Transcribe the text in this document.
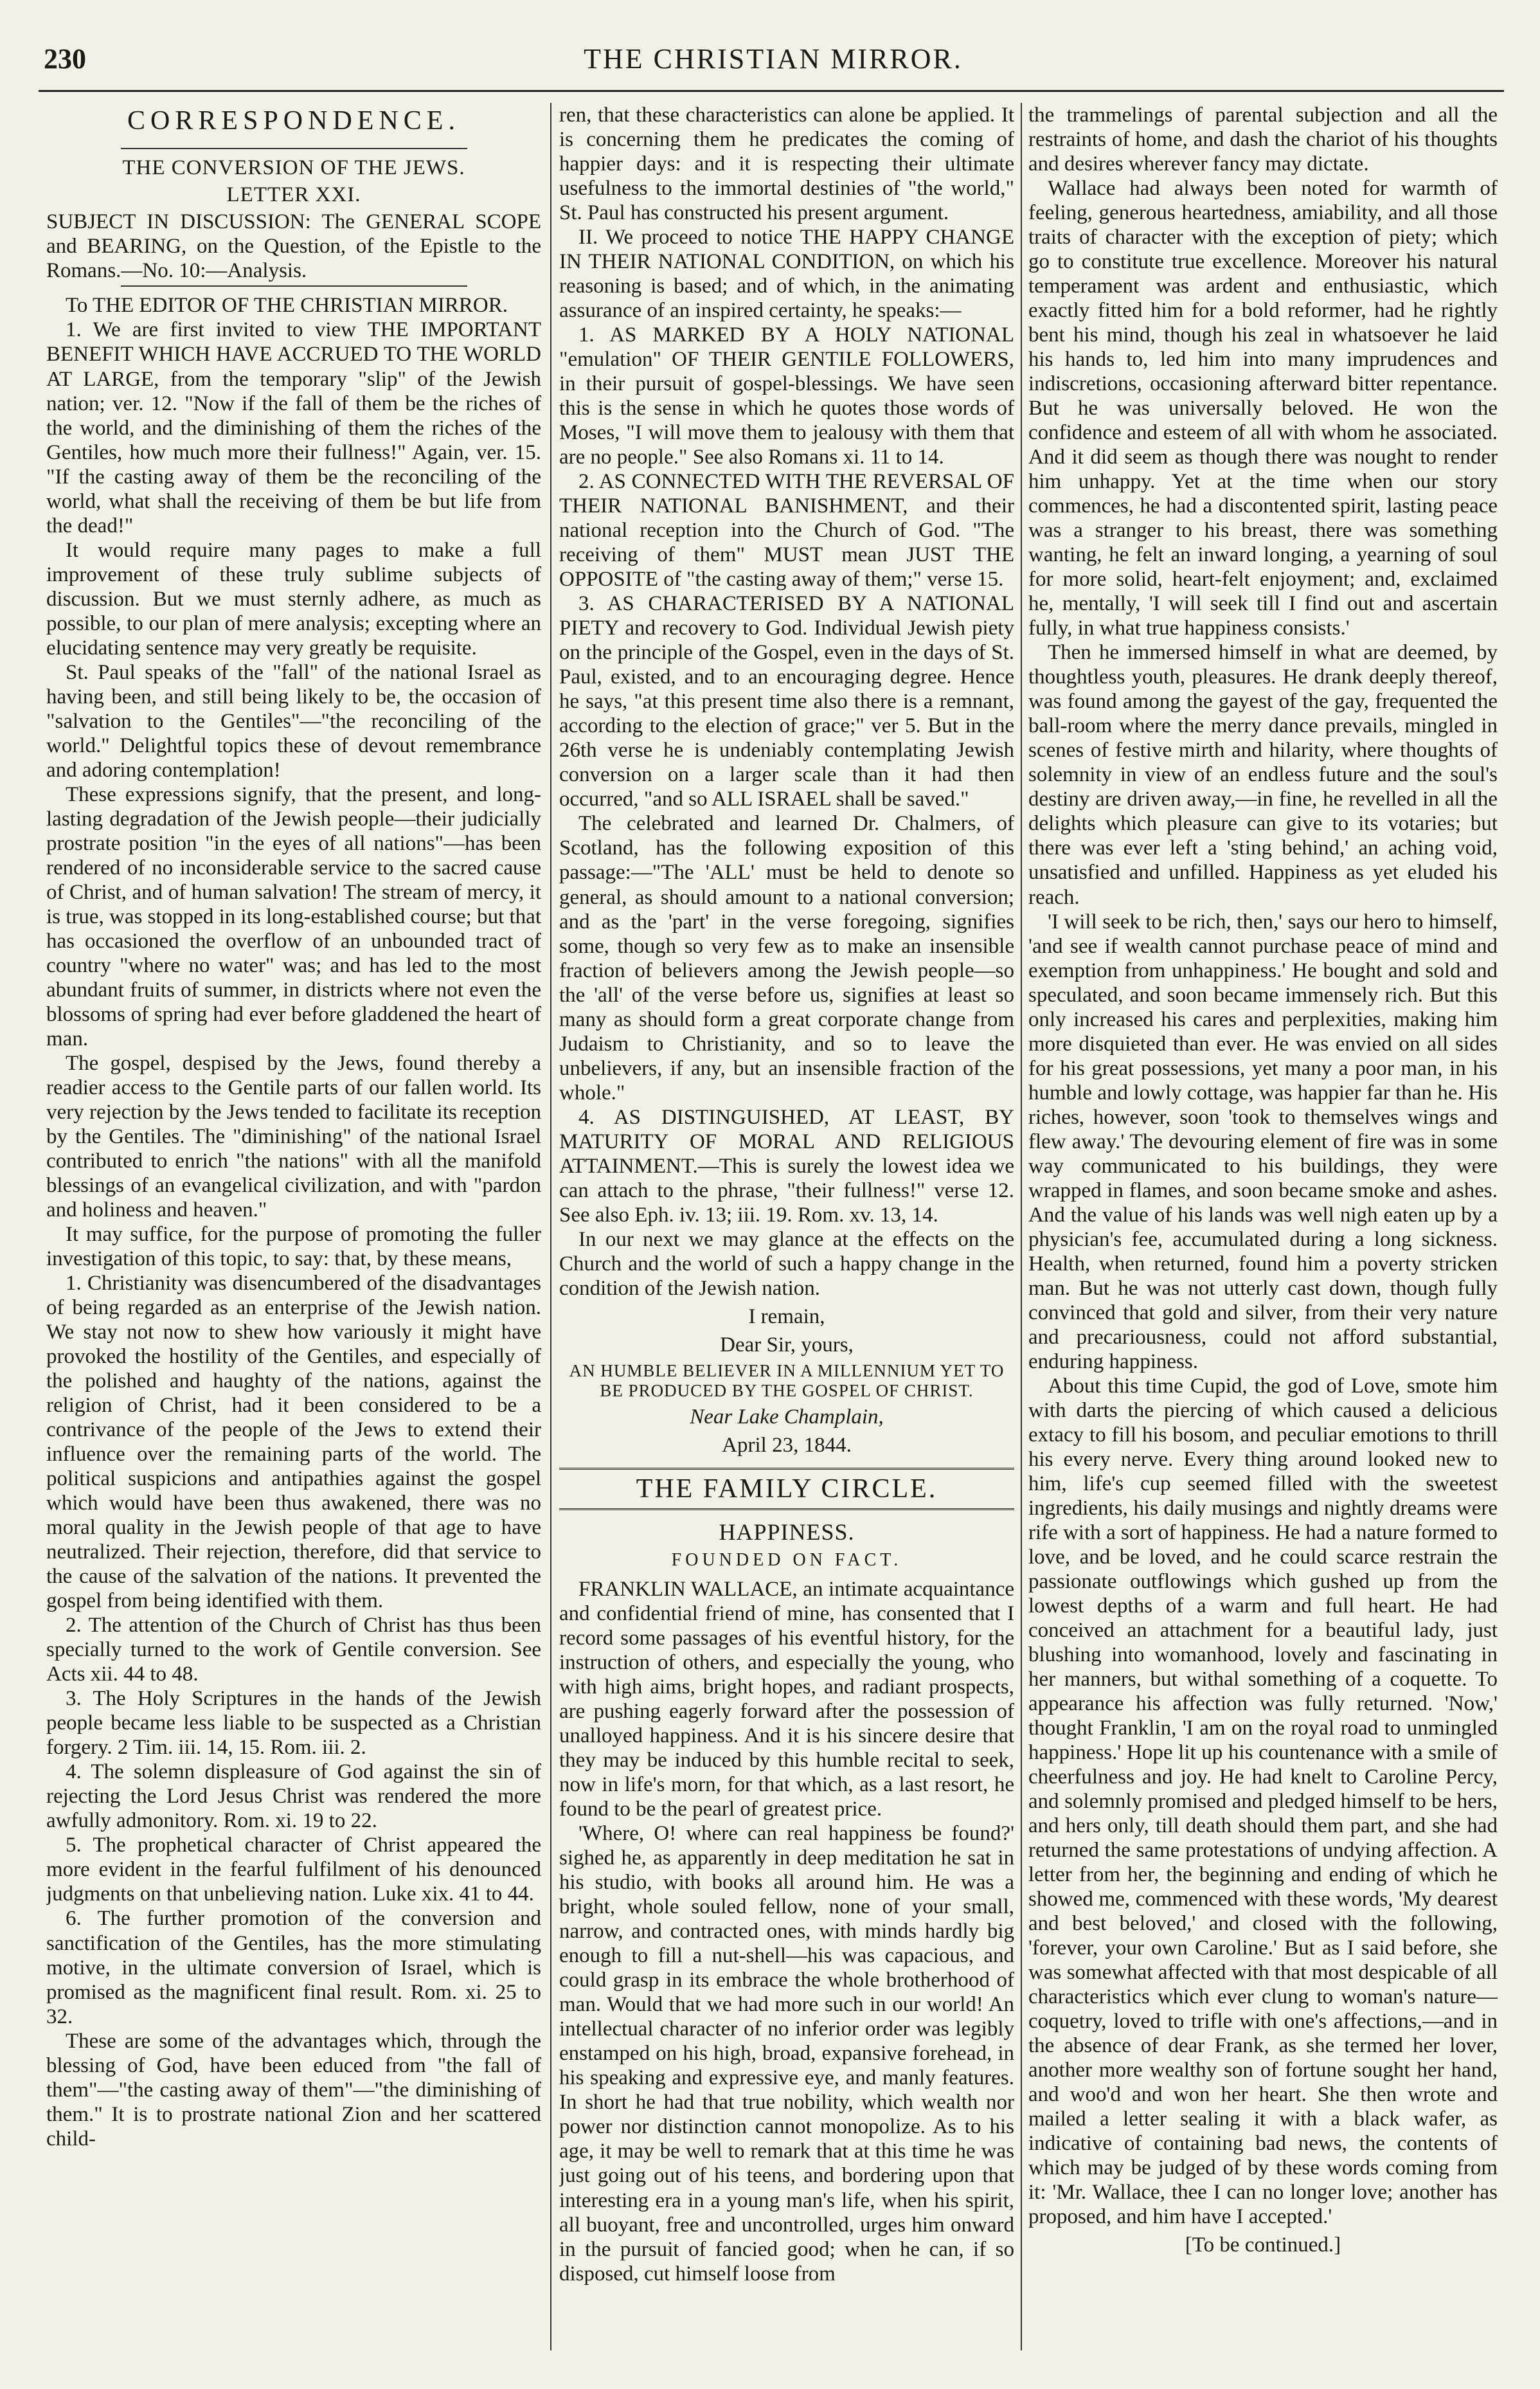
230	THE CHRISTIAN MIRROR.
CORRESPONDENCE.
THE CONVERSION OF THE JEWS.
LETTER XXI.

SUBJECT IN DISCUSSION: The GENERAL SCOPE and BEARING, on the Question, of the Epistle to the Romans.—No. 10:—Analysis.

To THE EDITOR OF THE CHRISTIAN MIRROR.

1. We are first invited to view THE IMPORTANT BENEFIT WHICH HAVE ACCRUED TO THE WORLD AT LARGE, from the temporary "slip" of the Jewish nation; ver. 12. "Now if the fall of them be the riches of the world, and the diminishing of them the riches of the Gentiles, how much more their fullness!" Again, ver. 15. "If the casting away of them be the reconciling of the world, what shall the receiving of them be but life from the dead!"

It would require many pages to make a full improvement of these truly sublime subjects of discussion. But we must sternly adhere, as much as possible, to our plan of mere analysis; excepting where an elucidating sentence may very greatly be requisite.

St. Paul speaks of the "fall" of the national Israel as having been, and still being likely to be, the occasion of "salvation to the Gentiles"—"the reconciling of the world." Delightful topics these of devout remembrance and adoring contemplation!

These expressions signify, that the present, and long-lasting degradation of the Jewish people—their judicially prostrate position "in the eyes of all nations"—has been rendered of no inconsiderable service to the sacred cause of Christ, and of human salvation! The stream of mercy, it is true, was stopped in its long-established course; but that has occasioned the overflow of an unbounded tract of country "where no water" was; and has led to the most abundant fruits of summer, in districts where not even the blossoms of spring had ever before gladdened the heart of man.

The gospel, despised by the Jews, found thereby a readier access to the Gentile parts of our fallen world. Its very rejection by the Jews tended to facilitate its reception by the Gentiles. The "diminishing" of the national Israel contributed to enrich "the nations" with all the manifold blessings of an evangelical civilization, and with "pardon and holiness and heaven."

It may suffice, for the purpose of promoting the fuller investigation of this topic, to say: that, by these means,

1. Christianity was disencumbered of the disadvantages of being regarded as an enterprise of the Jewish nation. We stay not now to shew how variously it might have provoked the hostility of the Gentiles, and especially of the polished and haughty of the nations, against the religion of Christ, had it been considered to be a contrivance of the people of the Jews to extend their influence over the remaining parts of the world. The political suspicions and antipathies against the gospel which would have been thus awakened, there was no moral quality in the Jewish people of that age to have neutralized. Their rejection, therefore, did that service to the cause of the salvation of the nations. It prevented the gospel from being identified with them.

2. The attention of the Church of Christ has thus been specially turned to the work of Gentile conversion. See Acts xii. 44 to 48.

3. The Holy Scriptures in the hands of the Jewish people became less liable to be suspected as a Christian forgery. 2 Tim. iii. 14, 15. Rom. iii. 2.

4. The solemn displeasure of God against the sin of rejecting the Lord Jesus Christ was rendered the more awfully admonitory. Rom. xi. 19 to 22.

5. The prophetical character of Christ appeared the more evident in the fearful fulfilment of his denounced judgments on that unbelieving nation. Luke xix. 41 to 44.

6. The further promotion of the conversion and sanctification of the Gentiles, has the more stimulating motive, in the ultimate conversion of Israel, which is promised as the magnificent final result. Rom. xi. 25 to 32.

These are some of the advantages which, through the blessing of God, have been educed from "the fall of them"—"the casting away of them"—"the diminishing of them." It is to prostrate national Zion and her scattered child-

ren, that these characteristics can alone be applied. It is concerning them he predicates the coming of happier days: and it is respecting their ultimate usefulness to the immortal destinies of "the world," St. Paul has constructed his present argument.

II. We proceed to notice THE HAPPY CHANGE IN THEIR NATIONAL CONDITION, on which his reasoning is based; and of which, in the animating assurance of an inspired certainty, he speaks:—

1. AS MARKED BY A HOLY NATIONAL "emulation" OF THEIR GENTILE FOLLOWERS, in their pursuit of gospel-blessings. We have seen this is the sense in which he quotes those words of Moses, "I will move them to jealousy with them that are no people." See also Romans xi. 11 to 14.

2. AS CONNECTED WITH THE REVERSAL OF THEIR NATIONAL BANISHMENT, and their national reception into the Church of God. "The receiving of them" MUST mean JUST THE OPPOSITE of "the casting away of them;" verse 15.

3. AS CHARACTERISED BY A NATIONAL PIETY and recovery to God. Individual Jewish piety on the principle of the Gospel, even in the days of St. Paul, existed, and to an encouraging degree. Hence he says, "at this present time also there is a remnant, according to the election of grace;" ver 5. But in the 26th verse he is undeniably contemplating Jewish conversion on a larger scale than it had then occurred, "and so ALL ISRAEL shall be saved."

The celebrated and learned Dr. Chalmers, of Scotland, has the following exposition of this passage:—"The 'ALL' must be held to denote so general, as should amount to a national conversion; and as the 'part' in the verse foregoing, signifies some, though so very few as to make an insensible fraction of believers among the Jewish people—so the 'all' of the verse before us, signifies at least so many as should form a great corporate change from Judaism to Christianity, and so to leave the unbelievers, if any, but an insensible fraction of the whole."

4. AS DISTINGUISHED, AT LEAST, BY MATURITY OF MORAL AND RELIGIOUS ATTAINMENT.—This is surely the lowest idea we can attach to the phrase, "their fullness!" verse 12. See also Eph. iv. 13; iii. 19. Rom. xv. 13, 14.

In our next we may glance at the effects on the Church and the world of such a happy change in the condition of the Jewish nation.

I remain,
Dear Sir, yours,
AN HUMBLE BELIEVER IN A MILLENNIUM YET TO BE PRODUCED BY THE GOSPEL OF CHRIST.
Near Lake Champlain,
April 23, 1844.
THE FAMILY CIRCLE.
HAPPINESS.
FOUNDED ON FACT.

FRANKLIN WALLACE, an intimate acquaintance and confidential friend of mine, has consented that I record some passages of his eventful history, for the instruction of others, and especially the young, who with high aims, bright hopes, and radiant prospects, are pushing eagerly forward after the possession of unalloyed happiness. And it is his sincere desire that they may be induced by this humble recital to seek, now in life's morn, for that which, as a last resort, he found to be the pearl of greatest price.

'Where, O! where can real happiness be found?' sighed he, as apparently in deep meditation he sat in his studio, with books all around him. He was a bright, whole souled fellow, none of your small, narrow, and contracted ones, with minds hardly big enough to fill a nut-shell—his was capacious, and could grasp in its embrace the whole brotherhood of man. Would that we had more such in our world! An intellectual character of no inferior order was legibly enstamped on his high, broad, expansive forehead, in his speaking and expressive eye, and manly features. In short he had that true nobility, which wealth nor power nor distinction cannot monopolize. As to his age, it may be well to remark that at this time he was just going out of his teens, and bordering upon that interesting era in a young man's life, when his spirit, all buoyant, free and uncontrolled, urges him onward in the pursuit of fancied good; when he can, if so disposed, cut himself loose from

the trammelings of parental subjection and all the restraints of home, and dash the chariot of his thoughts and desires wherever fancy may dictate.

Wallace had always been noted for warmth of feeling, generous heartedness, amiability, and all those traits of character with the exception of piety; which go to constitute true excellence. Moreover his natural temperament was ardent and enthusiastic, which exactly fitted him for a bold reformer, had he rightly bent his mind, though his zeal in whatsoever he laid his hands to, led him into many imprudences and indiscretions, occasioning afterward bitter repentance. But he was universally beloved. He won the confidence and esteem of all with whom he associated. And it did seem as though there was nought to render him unhappy. Yet at the time when our story commences, he had a discontented spirit, lasting peace was a stranger to his breast, there was something wanting, he felt an inward longing, a yearning of soul for more solid, heart-felt enjoyment; and, exclaimed he, mentally, 'I will seek till I find out and ascertain fully, in what true happiness consists.'

Then he immersed himself in what are deemed, by thoughtless youth, pleasures. He drank deeply thereof, was found among the gayest of the gay, frequented the ball-room where the merry dance prevails, mingled in scenes of festive mirth and hilarity, where thoughts of solemnity in view of an endless future and the soul's destiny are driven away,—in fine, he revelled in all the delights which pleasure can give to its votaries; but there was ever left a 'sting behind,' an aching void, unsatisfied and unfilled. Happiness as yet eluded his reach.

'I will seek to be rich, then,' says our hero to himself, 'and see if wealth cannot purchase peace of mind and exemption from unhappiness.' He bought and sold and speculated, and soon became immensely rich. But this only increased his cares and perplexities, making him more disquieted than ever. He was envied on all sides for his great possessions, yet many a poor man, in his humble and lowly cottage, was happier far than he. His riches, however, soon 'took to themselves wings and flew away.' The devouring element of fire was in some way communicated to his buildings, they were wrapped in flames, and soon became smoke and ashes. And the value of his lands was well nigh eaten up by a physician's fee, accumulated during a long sickness. Health, when returned, found him a poverty stricken man. But he was not utterly cast down, though fully convinced that gold and silver, from their very nature and precariousness, could not afford substantial, enduring happiness.

About this time Cupid, the god of Love, smote him with darts the piercing of which caused a delicious extacy to fill his bosom, and peculiar emotions to thrill his every nerve. Every thing around looked new to him, life's cup seemed filled with the sweetest ingredients, his daily musings and nightly dreams were rife with a sort of happiness. He had a nature formed to love, and be loved, and he could scarce restrain the passionate outflowings which gushed up from the lowest depths of a warm and full heart. He had conceived an attachment for a beautiful lady, just blushing into womanhood, lovely and fascinating in her manners, but withal something of a coquette. To appearance his affection was fully returned. 'Now,' thought Franklin, 'I am on the royal road to unmingled happiness.' Hope lit up his countenance with a smile of cheerfulness and joy. He had knelt to Caroline Percy, and solemnly promised and pledged himself to be hers, and hers only, till death should them part, and she had returned the same protestations of undying affection. A letter from her, the beginning and ending of which he showed me, commenced with these words, 'My dearest and best beloved,' and closed with the following, 'forever, your own Caroline.' But as I said before, she was somewhat affected with that most despicable of all characteristics which ever clung to woman's nature—coquetry, loved to trifle with one's affections,—and in the absence of dear Frank, as she termed her lover, another more wealthy son of fortune sought her hand, and woo'd and won her heart. She then wrote and mailed a letter sealing it with a black wafer, as indicative of containing bad news, the contents of which may be judged of by these words coming from it: 'Mr. Wallace, thee I can no longer love; another has proposed, and him have I accepted.'

[To be continued.]
